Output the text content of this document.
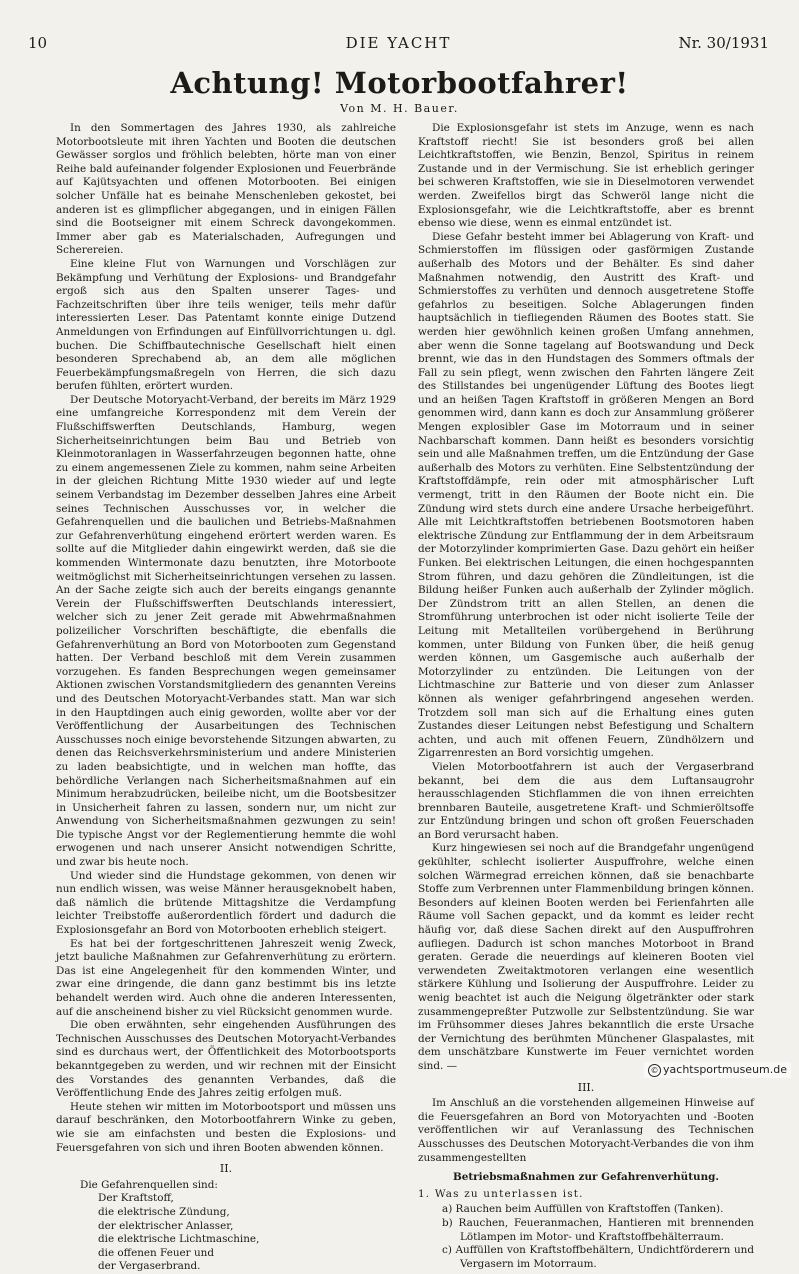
10	DIE YACHT	Nr. 30/1931
Achtung! Motorbootfahrer!
Von M. H. Bauer.

In den Sommertagen des Jahres 1930, als zahlreiche Motorbootsleute mit ihren Yachten und Booten die deutschen Gewässer sorglos und fröhlich belebten, hörte man von einer Reihe bald aufeinander folgender Explosionen und Feuerbrände auf Kajütsyachten und offenen Motorbooten. Bei einigen solcher Unfälle hat es beinahe Menschenleben gekostet, bei anderen ist es glimpflicher abgegangen, und in einigen Fällen sind die Bootseigner mit einem Schreck davongekommen. Immer aber gab es Materialschaden, Aufregungen und Schererеien.

Eine kleine Flut von Warnungen und Vorschlägen zur Bekämpfung und Verhütung der Explosions- und Brandgefahr ergoß sich aus den Spalten unserer Tages- und Fachzeitschriften über ihre teils weniger, teils mehr dafür interessierten Leser. Das Patentamt konnte einige Dutzend Anmeldungen von Erfindungen auf Einfüllvorrichtungen u. dgl. buchen. Die Schiffbautechnische Gesellschaft hielt einen besonderen Sprechabend ab, an dem alle möglichen Feuerbekämpfungsmaßregeln von Herren, die sich dazu berufen fühlten, erörtert wurden.

Der Deutsche Motoryacht-Verband, der bereits im März 1929 eine umfangreiche Korrespondenz mit dem Verein der Flußschiffswerften Deutschlands, Hamburg, wegen Sicherheitseinrichtungen beim Bau und Betrieb von Kleinmotoranlagen in Wasserfahrzeugen begonnen hatte, ohne zu einem angemessenen Ziele zu kommen, nahm seine Arbeiten in der gleichen Richtung Mitte 1930 wieder auf und legte seinem Verbandstag im Dezember desselben Jahres eine Arbeit seines Technischen Ausschusses vor, in welcher die Gefahrenquellen und die baulichen und Betriebs-Maßnahmen zur Gefahrenverhütung eingehend erörtert werden waren. Es sollte auf die Mitglieder dahin eingewirkt werden, daß sie die kommenden Wintermonate dazu benutzten, ihre Motorboote weitmöglichst mit Sicherheitseinrichtungen versehen zu lassen. An der Sache zeigte sich auch der bereits eingangs genannte Verein der Flußschiffswerften Deutschlands interessiert, welcher sich zu jener Zeit gerade mit Abwehrmaßnahmen polizeilicher Vorschriften beschäftigte, die ebenfalls die Gefahrenverhütung an Bord von Motorbooten zum Gegenstand hatten. Der Verband beschloß mit dem Verein zusammen vorzugehen. Es fanden Besprechungen wegen gemeinsamer Aktionen zwischen Vorstandsmitgliedern des genannten Vereins und des Deutschen Motoryacht-Verbandes statt. Man war sich in den Hauptdingen auch einig geworden, wollte aber vor der Veröffentlichung der Ausarbeitungen des Technischen Ausschusses noch einige bevorstehende Sitzungen abwarten, zu denen das Reichsverkehrsministerium und andere Ministerien zu laden beabsichtigte, und in welchen man hoffte, das behördliche Verlangen nach Sicherheitsmaßnahmen auf ein Minimum herabzudrücken, beileibe nicht, um die Bootsbesitzer in Unsicherheit fahren zu lassen, sondern nur, um nicht zur Anwendung von Sicherheitsmaßnahmen gezwungen zu sein! Die typische Angst vor der Reglementierung hemmte die wohl erwogenen und nach unserer Ansicht notwendigen Schritte, und zwar bis heute noch.

Und wieder sind die Hundstage gekommen, von denen wir nun endlich wissen, was weise Männer herausgeknobelt haben, daß nämlich die brütende Mittagshitze die Verdampfung leichter Treibstoffe außerordentlich fördert und dadurch die Explosionsgefahr an Bord von Motorbooten erheblich steigert.

Es hat bei der fortgeschrittenen Jahreszeit wenig Zweck, jetzt bauliche Maßnahmen zur Gefahrenverhütung zu erörtern. Das ist eine Angelegenheit für den kommenden Winter, und zwar eine dringende, die dann ganz bestimmt bis ins letzte behandelt werden wird. Auch ohne die anderen Interessenten, auf die anscheinend bisher zu viel Rücksicht genommen wurde.

Die oben erwähnten, sehr eingehenden Ausführungen des Technischen Ausschusses des Deutschen Motoryacht-Verbandes sind es durchaus wert, der Öffentlichkeit des Motorbootsports bekanntgegeben zu werden, und wir rechnen mit der Einsicht des Vorstandes des genannten Verbandes, daß die Veröffentlichung Ende des Jahres zeitig erfolgen muß.

Heute stehen wir mitten im Motorbootsport und müssen uns darauf beschränken, den Motorbootfahrern Winke zu geben, wie sie am einfachsten und besten die Explosions- und Feuersgefahren von sich und ihren Booten abwenden können.

II.
Die Gefahrenquellen sind:
Der Kraftstoff,
die elektrische Zündung,
der elektrischer Anlasser,
die elektrische Lichtmaschine,
die offenen Feuer und
der Vergaserbrand.

Die Explosionsgefahr ist stets im Anzuge, wenn es nach Kraftstoff riecht! Sie ist besonders groß bei allen Leichtkraftstoffen, wie Benzin, Benzol, Spiritus in reinem Zustande und in der Vermischung. Sie ist erheblich geringer bei schweren Kraftstoffen, wie sie in Dieselmotoren verwendet werden. Zweifellos birgt das Schweröl lange nicht die Explosionsgefahr, wie die Leichtkraftstoffe, aber es brennt ebenso wie diese, wenn es einmal entzündet ist.

Diese Gefahr besteht immer bei Ablagerung von Kraft- und Schmierstoffen im flüssigen oder gasförmigen Zustande außerhalb des Motors und der Behälter. Es sind daher Maßnahmen notwendig, den Austritt des Kraft- und Schmierstoffes zu verhüten und dennoch ausgetretene Stoffe gefahrlos zu beseitigen. Solche Ablagerungen finden hauptsächlich in tiefliegenden Räumen des Bootes statt. Sie werden hier gewöhnlich keinen großen Umfang annehmen, aber wenn die Sonne tagelang auf Bootswandung und Deck brennt, wie das in den Hundstagen des Sommers oftmals der Fall zu sein pflegt, wenn zwischen den Fahrten längere Zeit des Stillstandes bei ungenügender Lüftung des Bootes liegt und an heißen Tagen Kraftstoff in größeren Mengen an Bord genommen wird, dann kann es doch zur Ansammlung größerer Mengen explosibler Gase im Motorraum und in seiner Nachbarschaft kommen. Dann heißt es besonders vorsichtig sein und alle Maßnahmen treffen, um die Entzündung der Gase außerhalb des Motors zu verhüten. Eine Selbstentzündung der Kraftstoffdämpfe, rein oder mit atmosphärischer Luft vermengt, tritt in den Räumen der Boote nicht ein. Die Zündung wird stets durch eine andere Ursache herbeigeführt. Alle mit Leichtkraftstoffen betriebenen Bootsmotoren haben elektrische Zündung zur Entflammung der in dem Arbeitsraum der Motorzylinder komprimierten Gase. Dazu gehört ein heißer Funken. Bei elektrischen Leitungen, die einen hochgespannten Strom führen, und dazu gehören die Zündleitungen, ist die Bildung heißer Funken auch außerhalb der Zylinder möglich. Der Zündstrom tritt an allen Stellen, an denen die Stromführung unterbrochen ist oder nicht isolierte Teile der Leitung mit Metallteilen vorübergehend in Berührung kommen, unter Bildung von Funken über, die heiß genug werden können, um Gasgemische auch außerhalb der Motorzylinder zu entzünden. Die Leitungen von der Lichtmaschine zur Batterie und von dieser zum Anlasser können als weniger gefahrbringend angesehen werden. Trotzdem soll man sich auf die Erhaltung eines guten Zustandes dieser Leitungen nebst Befestigung und Schaltern achten, und auch mit offenen Feuern, Zündhölzern und Zigarrenresten an Bord vorsichtig umgehen.

Vielen Motorbootfahrern ist auch der Vergaserbrand bekannt, bei dem die aus dem Luftansaugrohr herausschlagenden Stichflammen die von ihnen erreichten brennbaren Bauteile, ausgetretene Kraft- und Schmieröltsoffe zur Entzündung bringen und schon oft großen Feuerschaden an Bord verursacht haben.

Kurz hingewiesen sei noch auf die Brandgefahr ungenügend gekühlter, schlecht isolierter Auspuffrohre, welche einen solchen Wärmegrad erreichen können, daß sie benachbarte Stoffe zum Verbrennen unter Flammenbildung bringen können. Besonders auf kleinen Booten werden bei Ferienfahrten alle Räume voll Sachen gepackt, und da kommt es leider recht häufig vor, daß diese Sachen direkt auf den Auspuffrohren aufliegen. Dadurch ist schon manches Motorboot in Brand geraten. Gerade die neuerdings auf kleineren Booten viel verwendeten Zweitaktmotoren verlangen eine wesentlich stärkere Kühlung und Isolierung der Auspuffrohre. Leider zu wenig beachtet ist auch die Neigung ölgetränkter oder stark zusammengepreßter Putzwolle zur Selbstentzündung. Sie war im Frühsommer dieses Jahres bekanntlich die erste Ursache der Vernichtung des berühmten Münchener Glaspalastes, mit dem unschätzbare Kunstwerte im Feuer vernichtet worden sind. —

III.

Im Anschluß an die vorstehenden allgemeinen Hinweise auf die Feuersgefahren an Bord von Motoryachten und -Booten veröffentlichen wir auf Veranlassung des Technischen Ausschusses des Deutschen Motoryacht-Verbandes die von ihm zusammengestellten

Betriebsmaßnahmen zur Gefahrenverhütung.
1. Was zu unterlassen ist.
a) Rauchen beim Auffüllen von Kraftstoffen (Tanken).
b) Rauchen, Feueranmachen, Hantieren mit brennenden Lötlampen im Motor- und Kraftstoffbehälterraum.
c) Auffüllen von Kraftstoffbehältern, Undichtförderern und Vergasern im Motorraum.
© yachtsportmuseum.de
